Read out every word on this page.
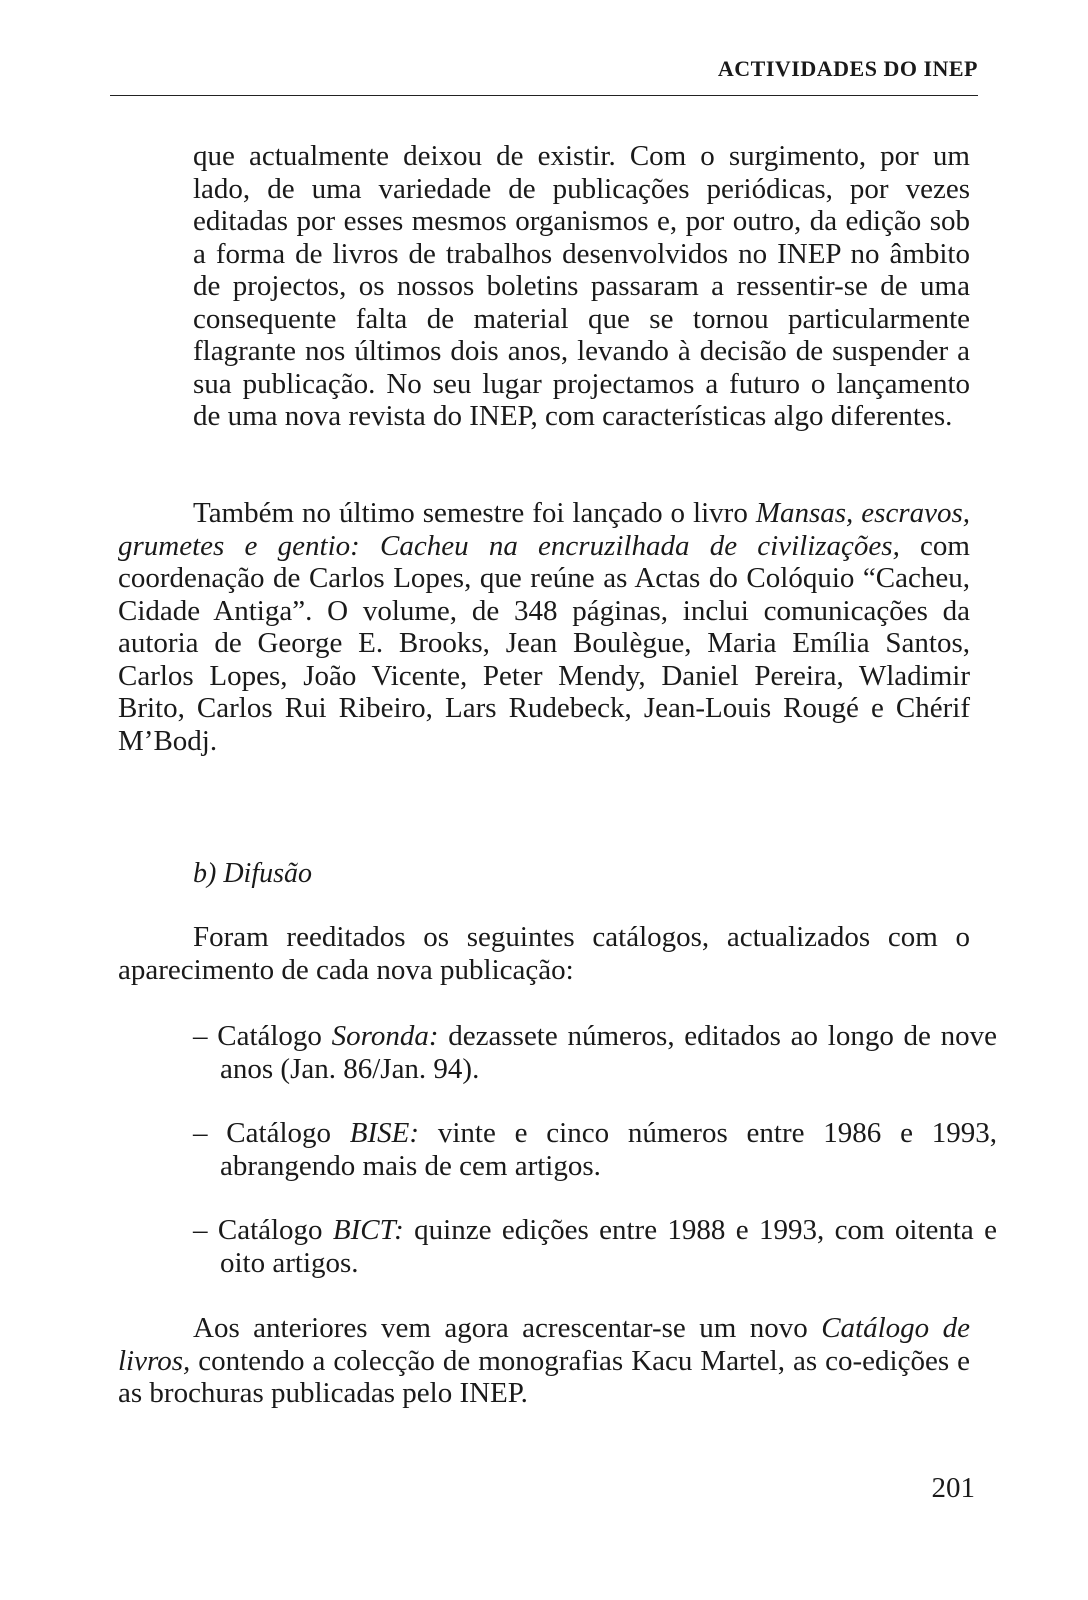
ACTIVIDADES DO INEP

que actualmente deixou de existir. Com o surgimento, por um lado, de uma variedade de publicações periódicas, por vezes editadas por esses mesmos organismos e, por outro, da edição sob a forma de livros de trabalhos desenvolvidos no INEP no âmbito de projectos, os nossos boletins passaram a ressentir-se de uma consequente falta de material que se tornou particularmente flagrante nos últimos dois anos, levando à decisão de suspender a sua publicação. No seu lugar projectamos a futuro o lançamento de uma nova revista do INEP, com características algo diferentes.

Também no último semestre foi lançado o livro Mansas, escravos, grumetes e gentio: Cacheu na encruzilhada de civilizações, com coordenação de Carlos Lopes, que reúne as Actas do Colóquio “Cacheu, Cidade Antiga”. O volume, de 348 páginas, inclui comunicações da autoria de George E. Brooks, Jean Boulègue, Maria Emília Santos, Carlos Lopes, João Vicente, Peter Mendy, Daniel Pereira, Wladimir Brito, Carlos Rui Ribeiro, Lars Rudebeck, Jean-Louis Rougé e Chérif M’Bodj.

b) Difusão

Foram reeditados os seguintes catálogos, actualizados com o aparecimento de cada nova publicação:

– Catálogo Soronda: dezassete números, editados ao longo de nove anos (Jan. 86/Jan. 94).

– Catálogo BISE: vinte e cinco números entre 1986 e 1993, abrangendo mais de cem artigos.

– Catálogo BICT: quinze edições entre 1988 e 1993, com oitenta e oito artigos.

Aos anteriores vem agora acrescentar-se um novo Catálogo de livros, contendo a colecção de monografias Kacu Martel, as co-edições e as brochuras publicadas pelo INEP.

201
